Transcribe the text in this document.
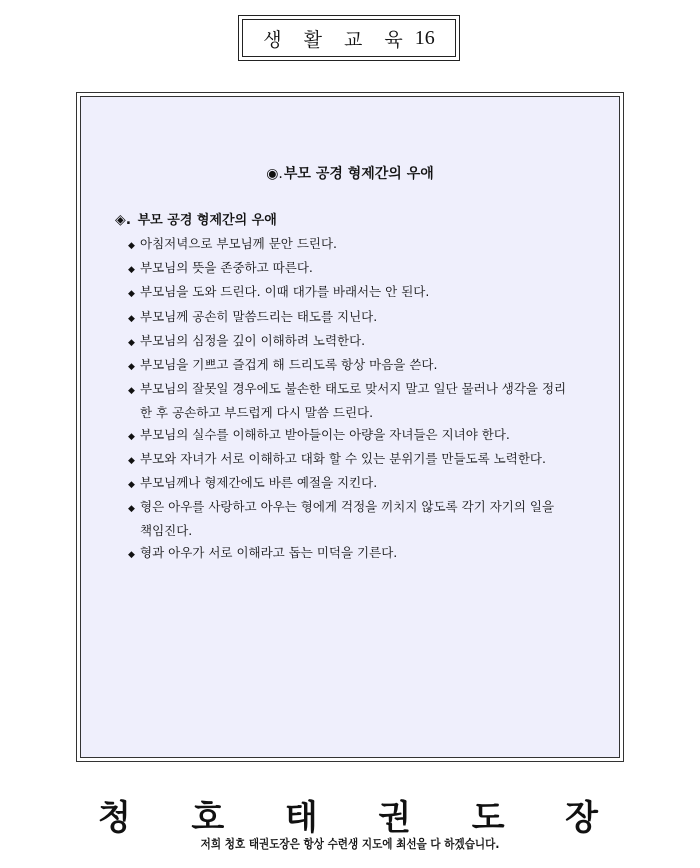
생 활 교 육 16
◉.부모 공경 형제간의 우애
◈. 부모 공경 형제간의 우애
◆ 아침저녁으로 부모님께 문안 드린다.
◆ 부모님의 뜻을 존중하고 따른다.
◆ 부모님을 도와 드린다. 이때 대가를 바래서는 안 된다.
◆ 부모님께 공손히 말씀드리는 태도를 지닌다.
◆ 부모님의 심정을 깊이 이해하려 노력한다.
◆ 부모님을 기쁘고 즐겁게 해 드리도록 항상 마음을 쓴다.
◆ 부모님의 잘못일 경우에도 불손한 태도로 맞서지 말고 일단 물러나 생각을 정리한 후 공손하고 부드럽게 다시 말씀 드린다.
◆ 부모님의 실수를 이해하고 받아들이는 아량을 자녀들은 지녀야 한다.
◆ 부모와 자녀가 서로 이해하고 대화 할 수 있는 분위기를 만들도록 노력한다.
◆ 부모님께나 형제간에도 바른 예절을 지킨다.
◆ 형은 아우를 사랑하고 아우는 형에게 걱정을 끼치지 않도록 각기 자기의 일을 책임진다.
◆ 형과 아우가 서로 이해라고 돕는 미덕을 기른다.
청 호 태 권 도 장
저희 청호 태권도장은 항상 수련생 지도에 최선을 다 하겠습니다.
